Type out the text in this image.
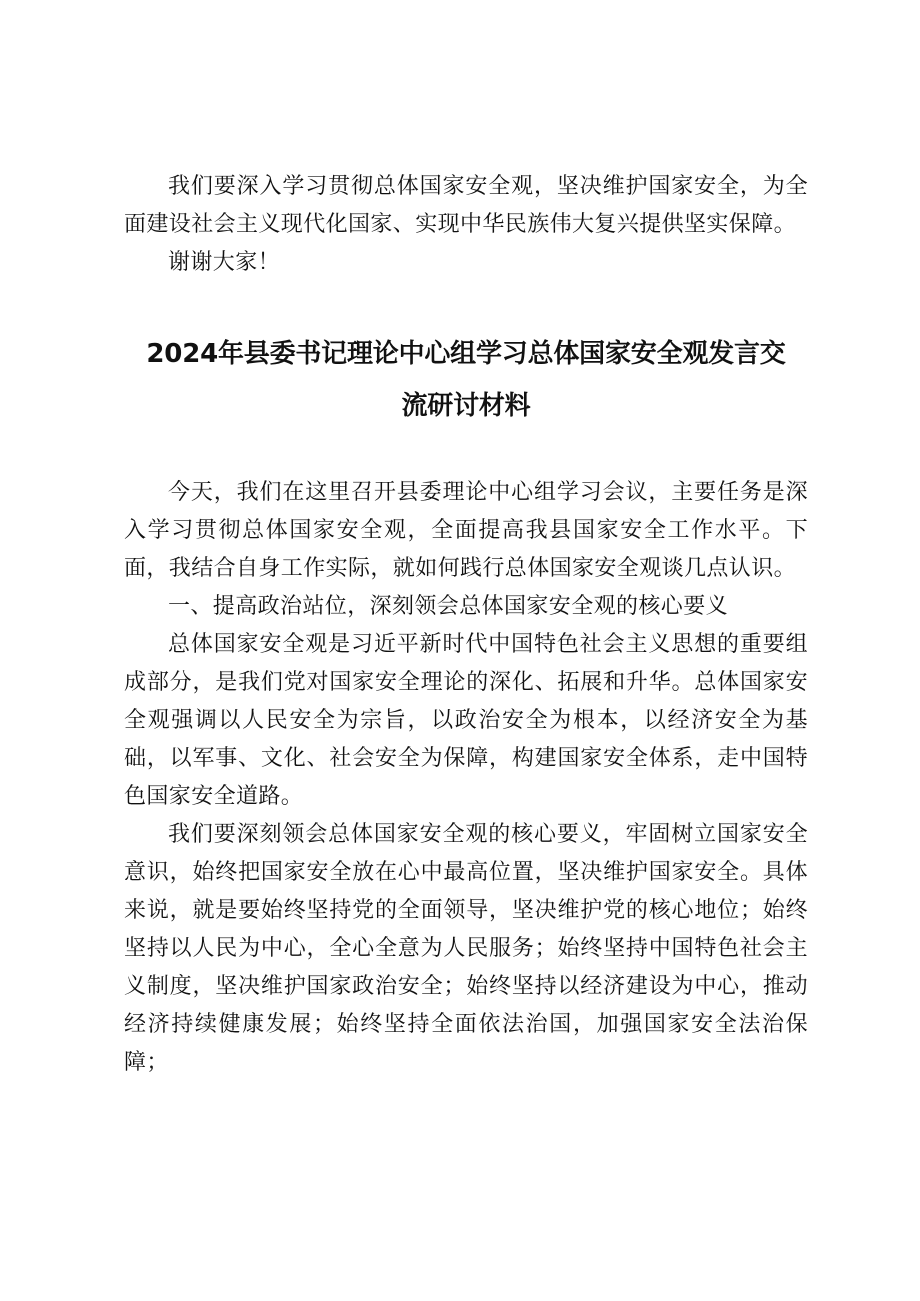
我们要深入学习贯彻总体国家安全观，坚决维护国家安全，为全面建设社会主义现代化国家、实现中华民族伟大复兴提供坚实保障。

谢谢大家！

2024年县委书记理论中心组学习总体国家安全观发言交
流研讨材料

今天，我们在这里召开县委理论中心组学习会议，主要任务是深入学习贯彻总体国家安全观，全面提高我县国家安全工作水平。下面，我结合自身工作实际，就如何践行总体国家安全观谈几点认识。

一、提高政治站位，深刻领会总体国家安全观的核心要义

总体国家安全观是习近平新时代中国特色社会主义思想的重要组成部分，是我们党对国家安全理论的深化、拓展和升华。总体国家安全观强调以人民安全为宗旨，以政治安全为根本，以经济安全为基础，以军事、文化、社会安全为保障，构建国家安全体系，走中国特色国家安全道路。

我们要深刻领会总体国家安全观的核心要义，牢固树立国家安全意识，始终把国家安全放在心中最高位置，坚决维护国家安全。具体来说，就是要始终坚持党的全面领导，坚决维护党的核心地位；始终坚持以人民为中心，全心全意为人民服务；始终坚持中国特色社会主义制度，坚决维护国家政治安全；始终坚持以经济建设为中心，推动经济持续健康发展；始终坚持全面依法治国，加强国家安全法治保障；
